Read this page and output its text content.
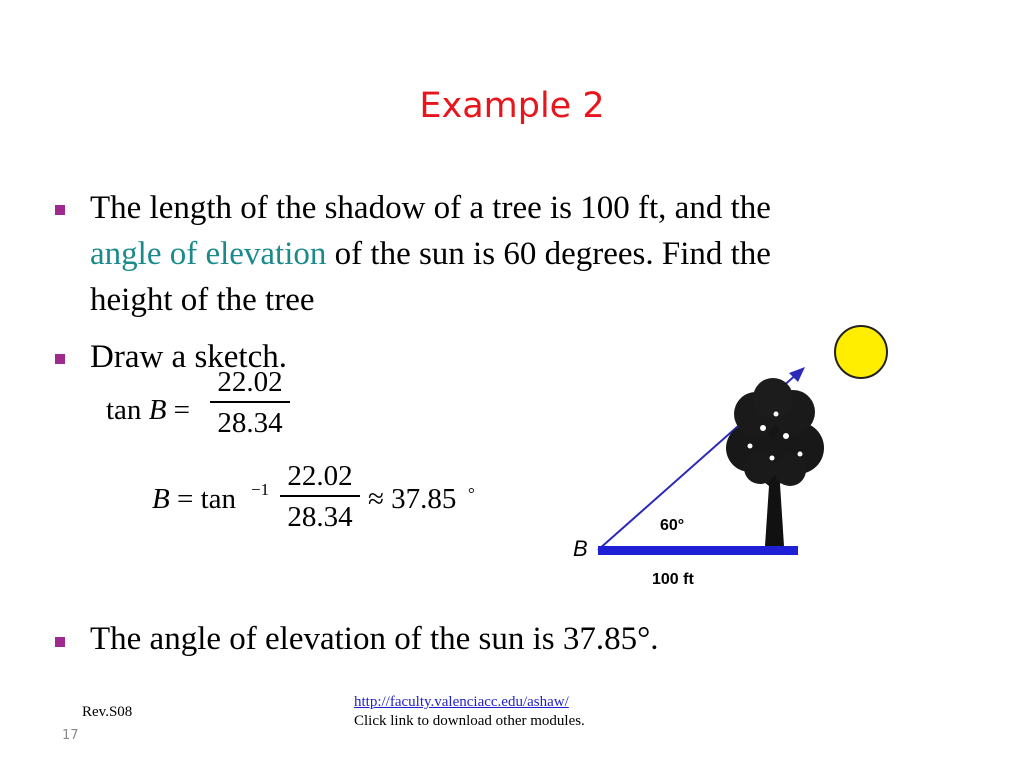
Example 2
The length of the shadow of a tree is 100 ft, and the
angle of elevation of the sun is 60 degrees. Find the
height of the tree
Draw a sketch.
$\tan B = \frac{22.02}{28.34}$
$B = \tan -1 \frac{22.02}{28.34} \approx 37.85$ °
B
60°
100 ft
The angle of elevation of the sun is 37.85°.
Rev.S08
http://faculty.valenciacc.edu/ashaw/
Click link to download other modules.
17
